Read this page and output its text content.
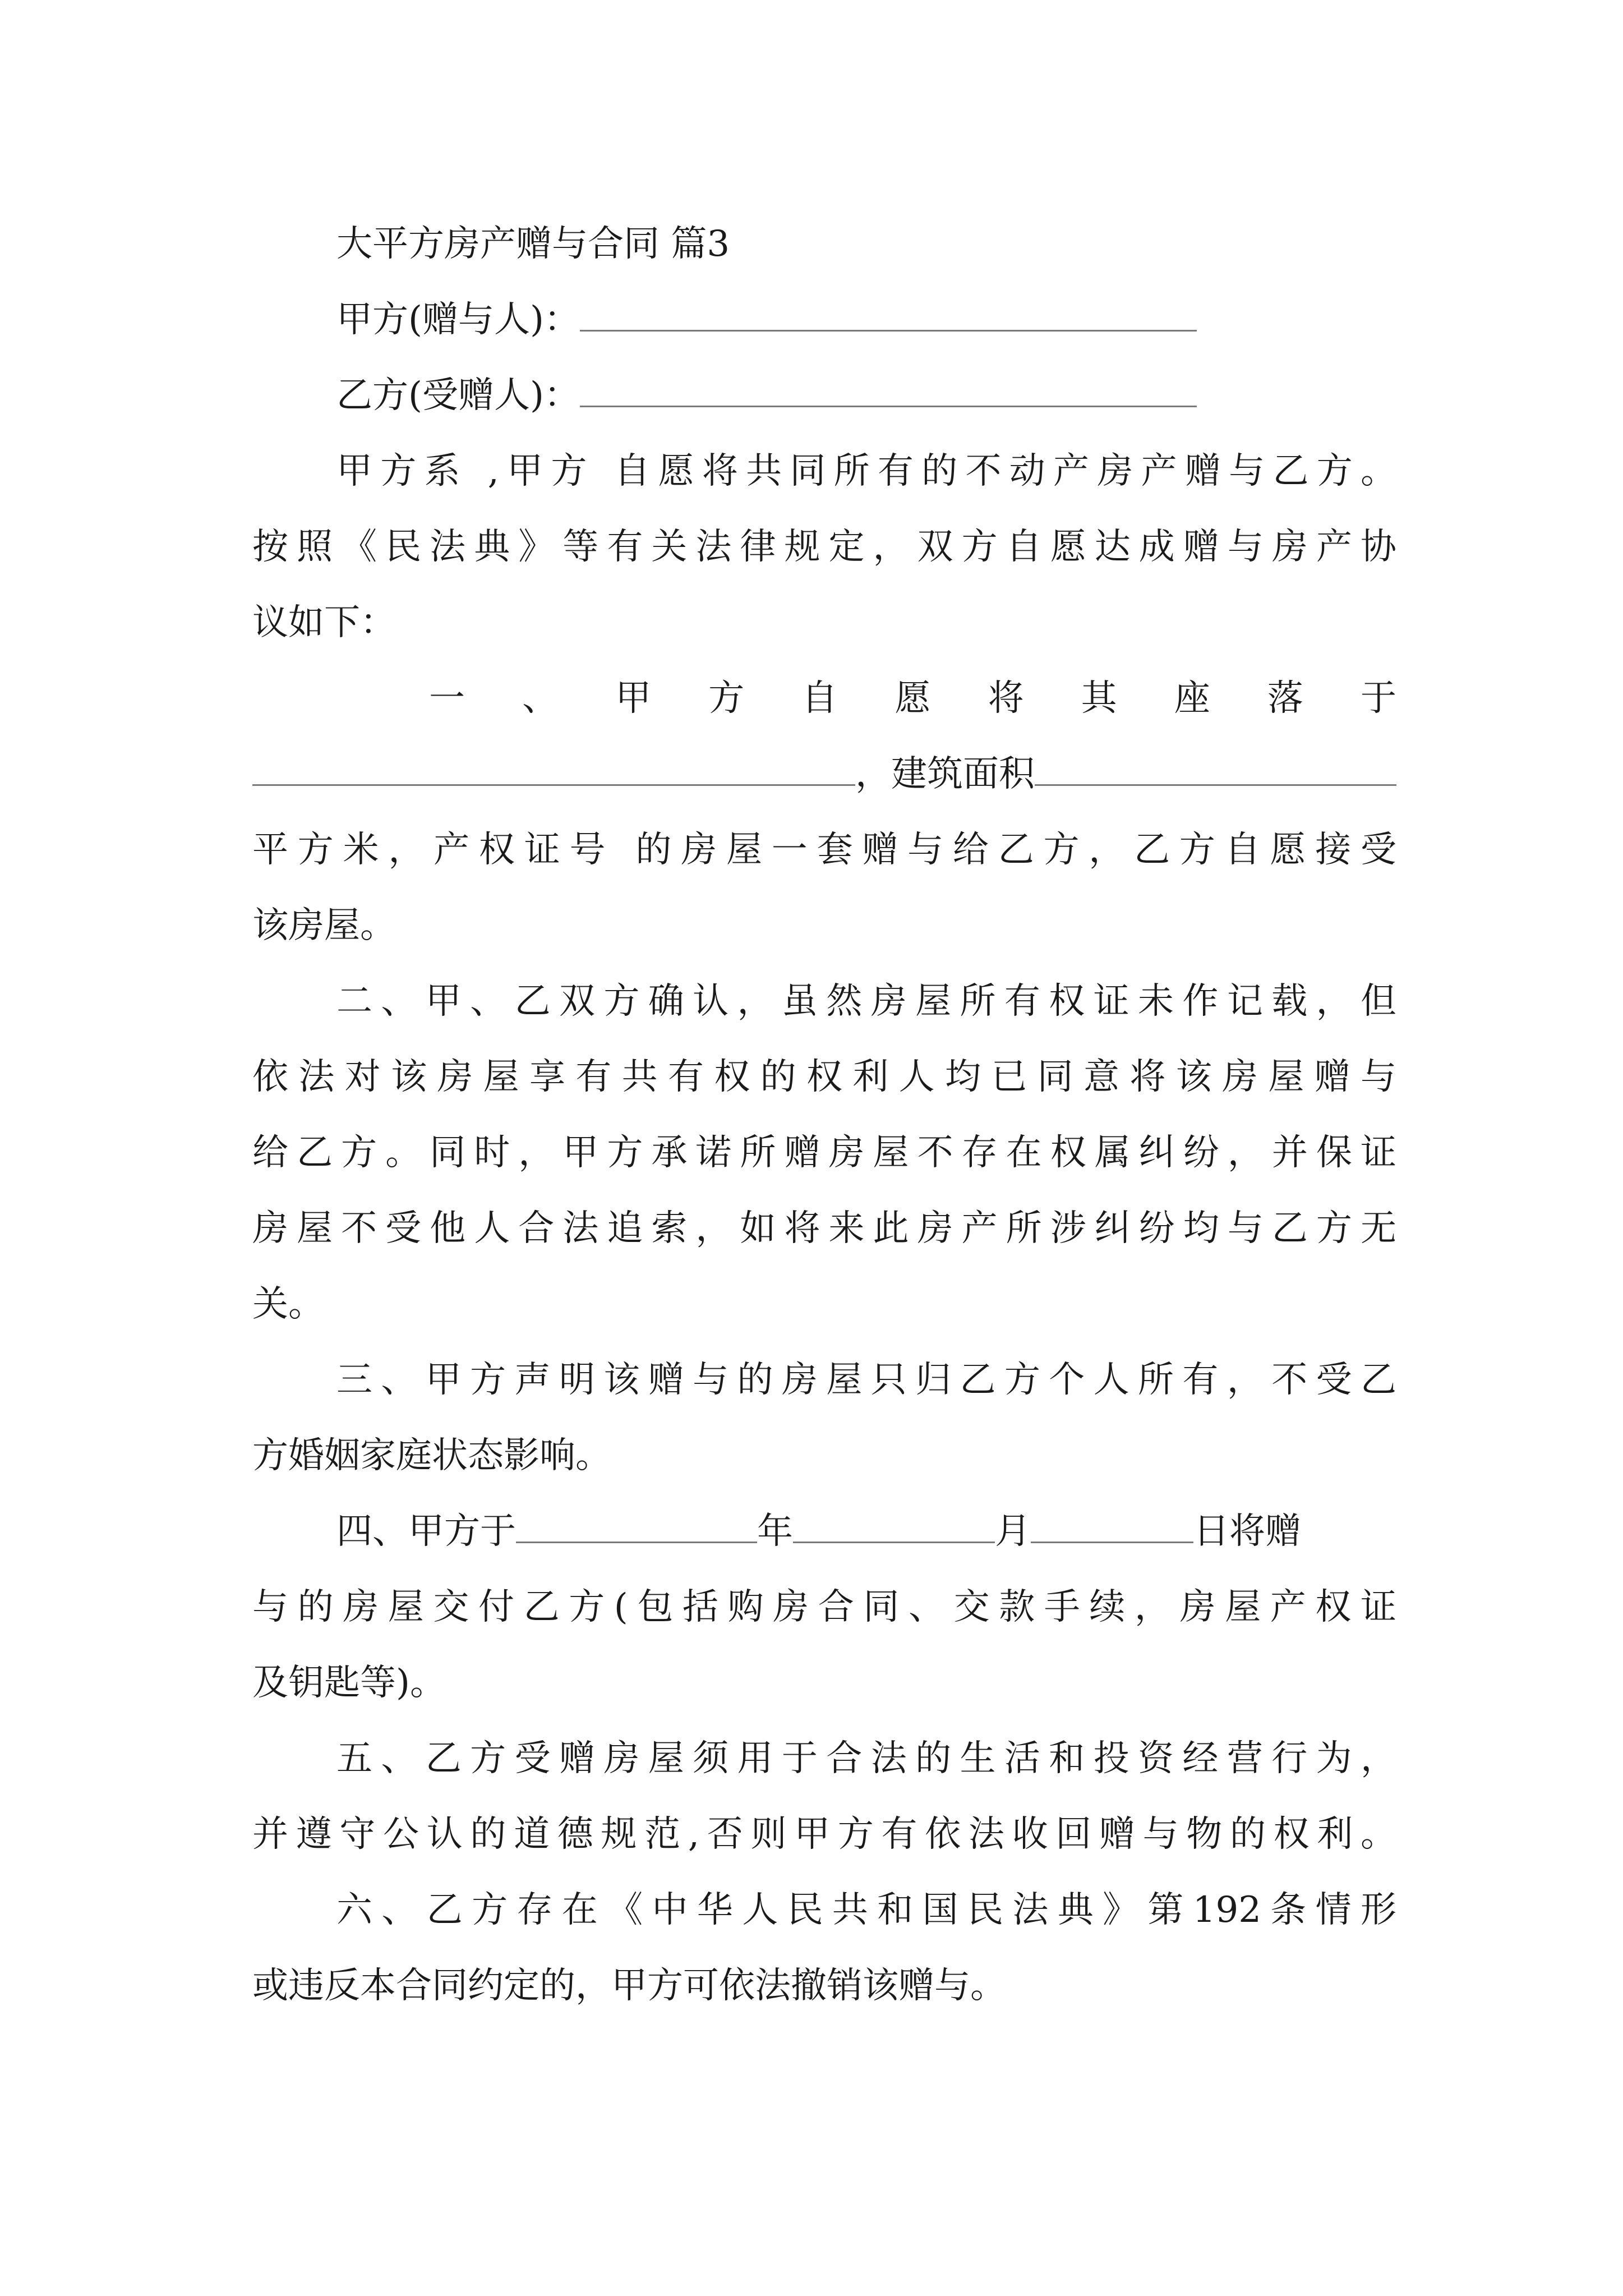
大平方房产赠与合同 篇3
甲方(赠与人)：
乙方(受赠人)：
甲方系 ,甲方 自愿将共同所有的不动产房产赠与乙方。
按照《民法典》等有关法律规定，双方自愿达成赠与房产协
议如下：
一 、 甲 方 自 愿 将 其 座 落 于
，建筑面积
平方米，产权证号 的房屋一套赠与给乙方，乙方自愿接受
该房屋。
二、甲、乙双方确认，虽然房屋所有权证未作记载，但
依法对该房屋享有共有权的权利人均已同意将该房屋赠与
给乙方。同时，甲方承诺所赠房屋不存在权属纠纷，并保证
房屋不受他人合法追索，如将来此房产所涉纠纷均与乙方无
关。
三、甲方声明该赠与的房屋只归乙方个人所有，不受乙
方婚姻家庭状态影响。
四、甲方于	年	月	日将赠
与的房屋交付乙方(包括购房合同、交款手续，房屋产权证
及钥匙等)。
五、乙方受赠房屋须用于合法的生活和投资经营行为，
并遵守公认的道德规范,否则甲方有依法收回赠与物的权利。
六、乙方存在《中华人民共和国民法典》第192条情形
或违反本合同约定的，甲方可依法撤销该赠与。
